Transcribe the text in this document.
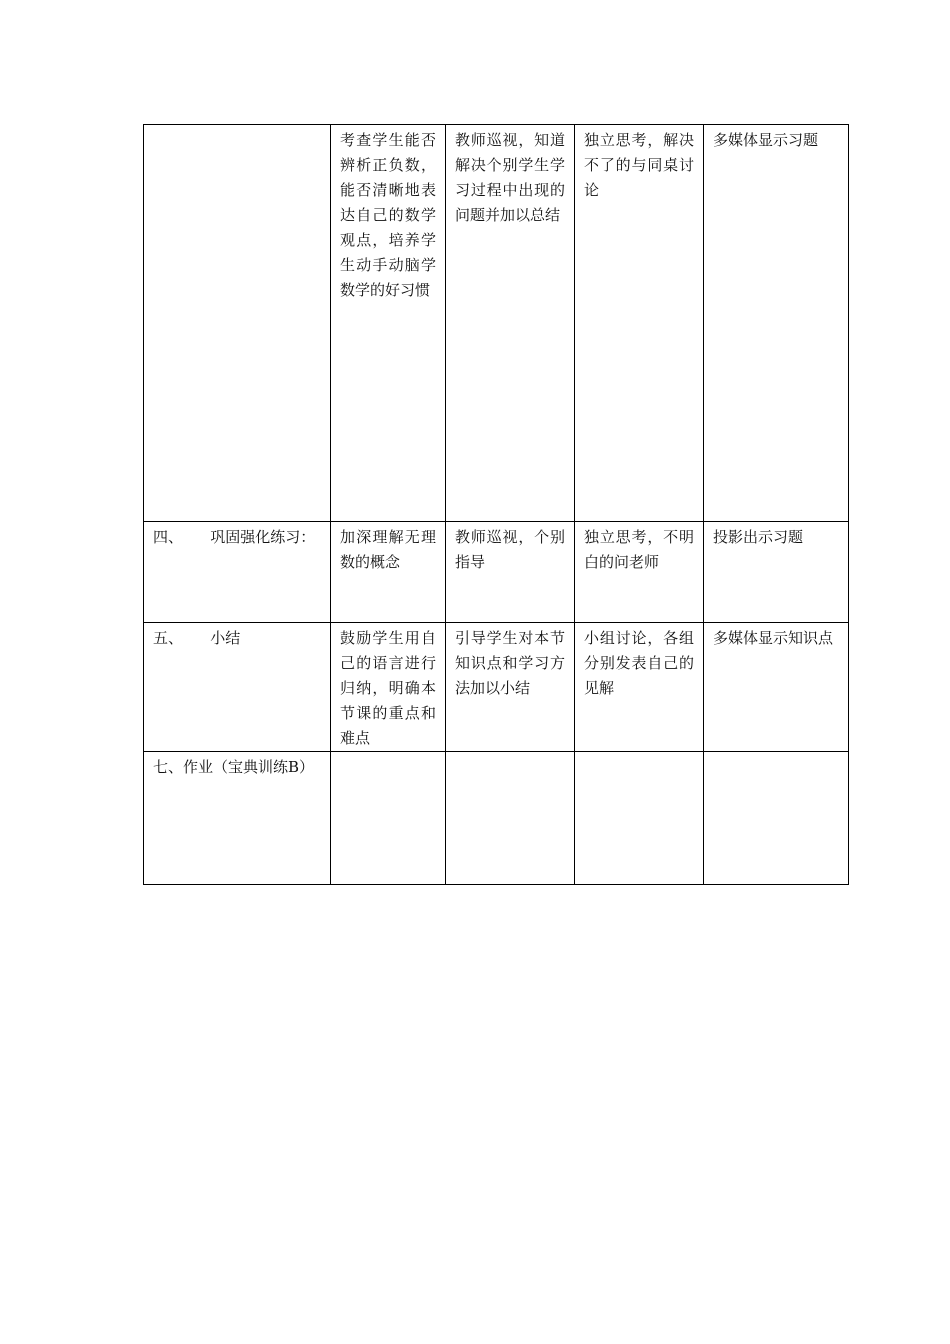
	考查学生能否辨析正负数，能否清晰地表达自己的数学观点，培养学生动手动脑学数学的好习惯	教师巡视，知道解决个别学生学习过程中出现的问题并加以总结	独立思考，解决不了的与同桌讨论	多媒体显示习题
四、　　 巩固强化练习：	加深理解无理数的概念	教师巡视，个别指导	独立思考，不明白的问老师	投影出示习题
五、　　 小结	鼓励学生用自己的语言进行归纳，明确本节课的重点和难点	引导学生对本节知识点和学习方法加以小结	小组讨论，各组分别发表自己的见解	多媒体显示知识点
七、作业（宝典训练B）				
